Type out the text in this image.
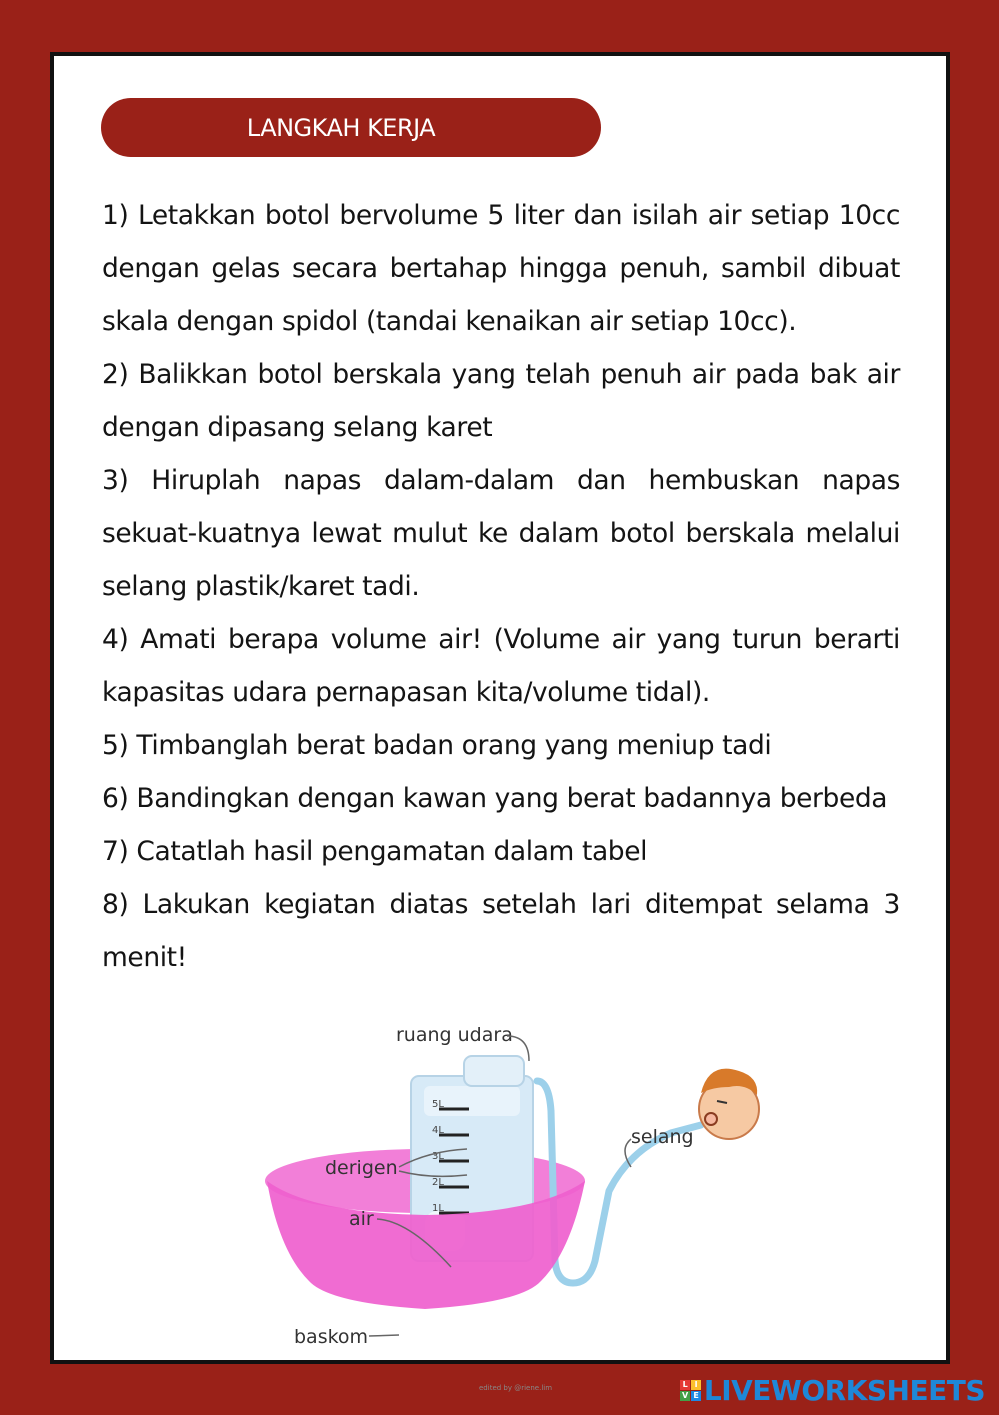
LANGKAH KERJA

1) Letakkan botol bervolume 5 liter dan isilah air setiap 10cc dengan gelas secara bertahap hingga penuh, sambil dibuat skala dengan spidol (tandai kenaikan air setiap 10cc).

2) Balikkan botol berskala yang telah penuh air pada bak air dengan dipasang selang karet

3) Hiruplah napas dalam-dalam dan hembuskan napas sekuat-kuatnya lewat mulut ke dalam botol berskala melalui selang plastik/karet tadi.

4) Amati berapa volume air! (Volume air yang turun berarti kapasitas udara pernapasan kita/volume tidal).

5) Timbanglah berat badan orang yang meniup tadi

6) Bandingkan dengan kawan yang berat badannya berbeda

7) Catatlah hasil pengamatan dalam tabel

8) Lakukan kegiatan diatas setelah lari ditempat selama 3 menit!

5L
4L
3L
2L
1L
ruang udara
derigen
air
baskom
selang
edited by @riene.lim	L I
V E LIVEWORKSHEETS
